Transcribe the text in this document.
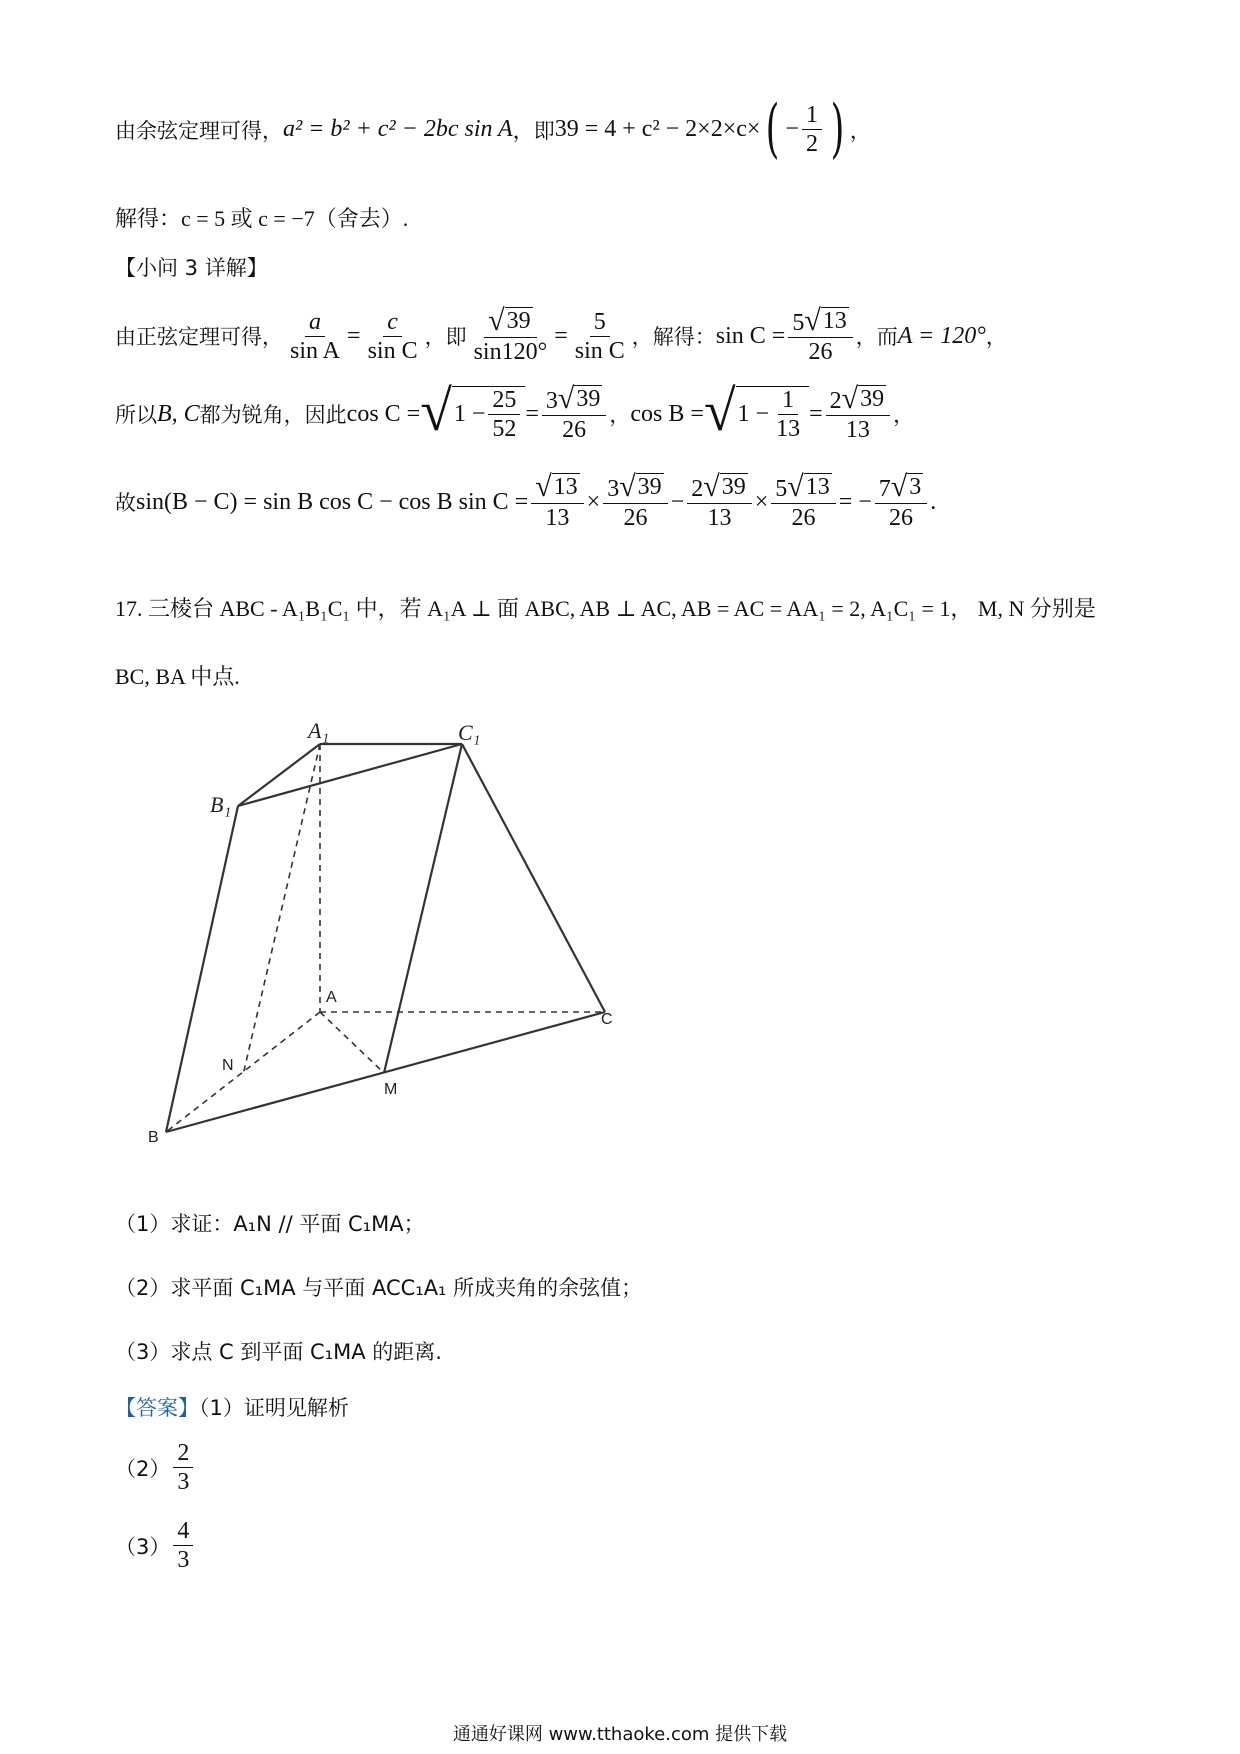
由余弦定理可得， a² = b² + c² − 2bc sin A ，即 39 = 4 + c² − 2×2×c× ( − $\frac{1}{2}$ ) ，
解得：c = 5 或 c = −7（舍去）.
【小问 3 详解】
由正弦定理可得， $\frac{a}{\text{sin A}} = \frac{c}{\text{sin C}}$ ，即 $\frac{√ 39}{\sin 120^\circ} = \frac{5}{\text{sin C}}$ ，解得： $\sin C = \frac{5 √ 13}{26}$ ，而 A = 120° ，
所以 B, C 都为锐角，因此 cos C = √ $1 - \frac{25}{52} = \frac{3 √ 39}{26}$ ， cos B = √ $1 - \frac{1}{13} = \frac{2 √ 39}{13}$ ，
故 sin(B − C) = sin B cos C − cos B $\sin C = \frac{√ 13}{13} \times \frac{3 √ 39}{26} - \frac{2 √ 39}{13} \times \frac{5 √ 13}{26}$ = − $\frac{7 √ 3}{26}$ .
17. 三棱台 ABC - A₁B₁C₁ 中，若 A₁A ⊥ 面 ABC, AB ⊥ AC, AB = AC = AA₁ = 2, A₁C₁ = 1， M, N 分别是
BC, BA 中点.
A₁	C₁
B₁
A
C
N
M
B
（1）求证：A₁N // 平面 C₁MA；
（2）求平面 C₁MA 与平面 ACC₁A₁ 所成夹角的余弦值；
（3）求点 C 到平面 C₁MA 的距离.
【答案】（1）证明见解析
$(2) \frac{2}{3}$
$(3) \frac{4}{3}$
通通好课网 www.tthaoke.com 提供下载
